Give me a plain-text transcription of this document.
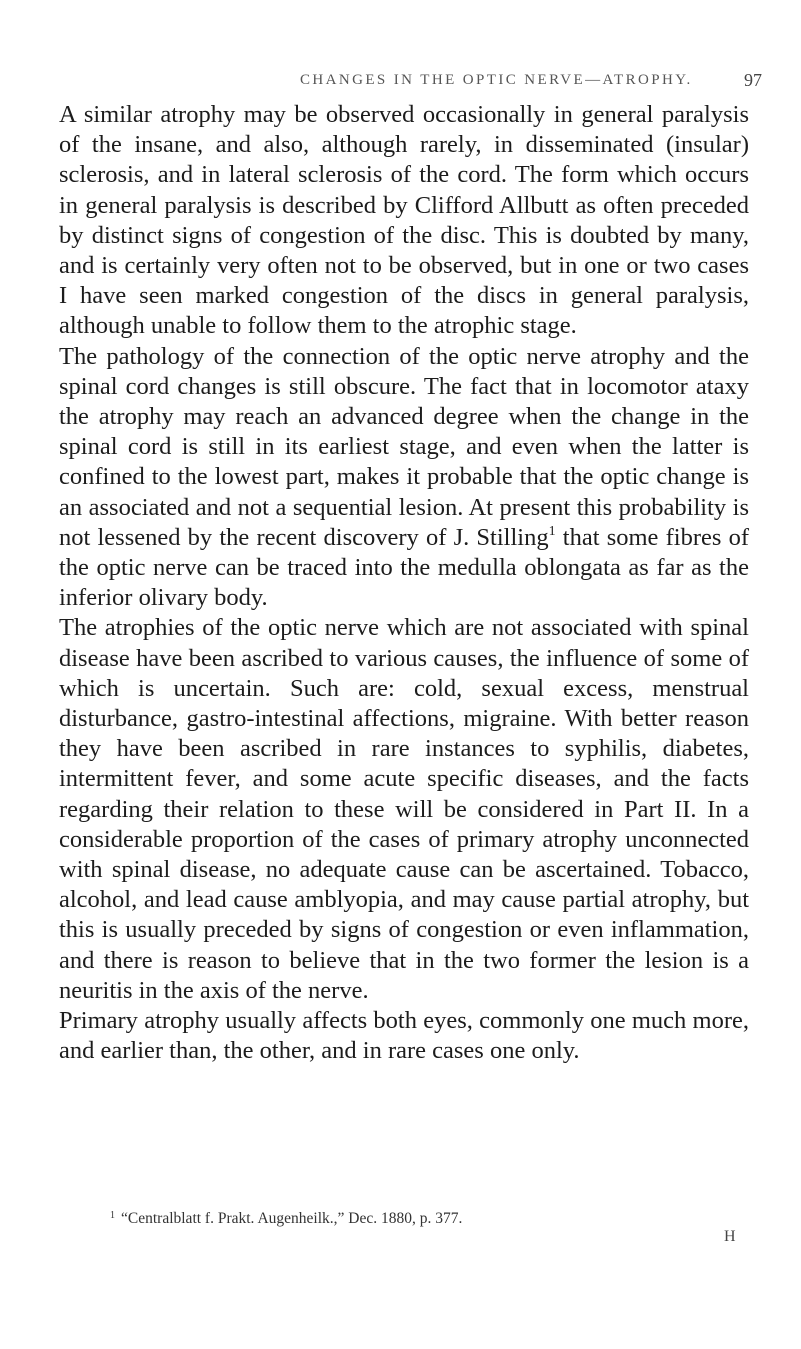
CHANGES IN THE OPTIC NERVE—ATROPHY.	97

A similar atrophy may be observed occasionally in general paralysis of the insane, and also, although rarely, in disseminated (insular) sclerosis, and in lateral sclerosis of the cord. The form which occurs in general paralysis is described by Clifford Allbutt as often preceded by distinct signs of congestion of the disc. This is doubted by many, and is certainly very often not to be observed, but in one or two cases I have seen marked congestion of the discs in general paralysis, although unable to follow them to the atrophic stage.

The pathology of the connection of the optic nerve atrophy and the spinal cord changes is still obscure. The fact that in locomotor ataxy the atrophy may reach an advanced degree when the change in the spinal cord is still in its earliest stage, and even when the latter is confined to the lowest part, makes it probable that the optic change is an associated and not a sequential lesion. At present this probability is not lessened by the recent discovery of J. Stilling$^1$ that some fibres of the optic nerve can be traced into the medulla oblongata as far as the inferior olivary body.

The atrophies of the optic nerve which are not associated with spinal disease have been ascribed to various causes, the influence of some of which is uncertain. Such are: cold, sexual excess, menstrual disturbance, gastro-intestinal affections, migraine. With better reason they have been ascribed in rare instances to syphilis, diabetes, intermittent fever, and some acute specific diseases, and the facts regarding their relation to these will be considered in Part II. In a considerable proportion of the cases of primary atrophy unconnected with spinal disease, no adequate cause can be ascertained. Tobacco, alcohol, and lead cause amblyopia, and may cause partial atrophy, but this is usually preceded by signs of congestion or even inflammation, and there is reason to believe that in the two former the lesion is a neuritis in the axis of the nerve.

Primary atrophy usually affects both eyes, commonly one much more, and earlier than, the other, and in rare cases one only.

$^1$ “Centralblatt f. Prakt. Augenheilk.,” Dec. 1880, p. 377.
H
